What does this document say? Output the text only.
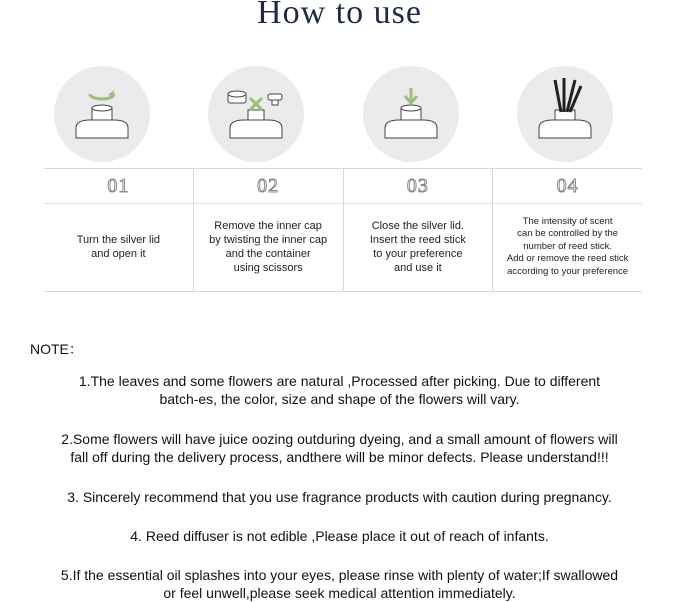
How to use
01
Turn the silver lid
and open it
02
Remove the inner cap
by twisting the inner cap
and the container
using scissors
03
Close the silver lid.
Insert the reed stick
to your preference
and use it
04
The intensity of scent
can be controlled by the
number of reed stick.
Add or remove the reed stick
according to your preference
NOTE：
1.The leaves and some flowers are natural ,Processed after picking. Due to different
batch-es, the color, size and shape of the flowers will vary.
2.Some flowers will have juice oozing outduring dyeing, and a small amount of flowers will
fall off during the delivery process, andthere will be minor defects. Please understand!!!
3. Sincerely recommend that you use fragrance products with caution during pregnancy.
4. Reed diffuser is not edible ,Please place it out of reach of infants.
5.If the essential oil splashes into your eyes, please rinse with plenty of water;If swallowed
or feel unwell,please seek medical attention immediately.
